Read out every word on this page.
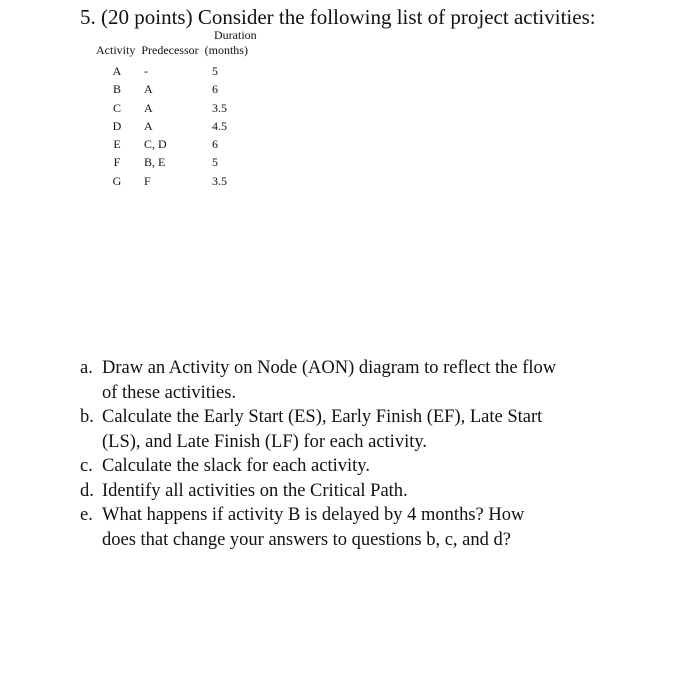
5. (20 points) Consider the following list of project activities:
Duration
Activity Predecessor (months)
A -	5
B A	6
C A	3.5
D A	4.5
E C, D	6
F B, E	5
G F	3.5
a. Draw an Activity on Node (AON) diagram to reflect the flow
of these activities.
b. Calculate the Early Start (ES), Early Finish (EF), Late Start
(LS), and Late Finish (LF) for each activity.
c. Calculate the slack for each activity.
d. Identify all activities on the Critical Path.
e. What happens if activity B is delayed by 4 months? How
does that change your answers to questions b, c, and d?
